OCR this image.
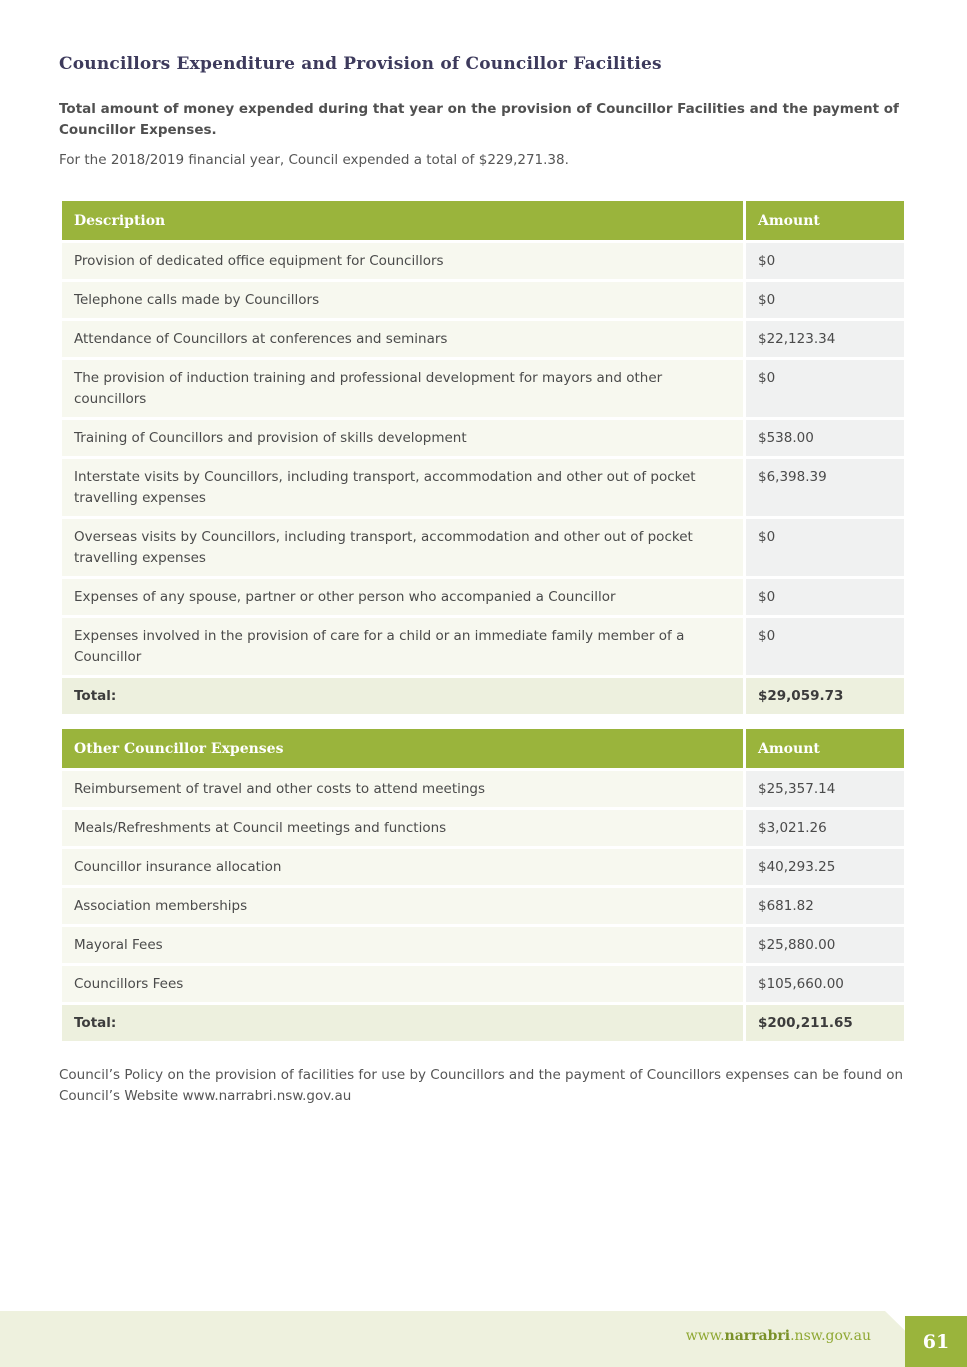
Councillors Expenditure and Provision of Councillor Facilities
Total amount of money expended during that year on the provision of Councillor Facilities and the payment of Councillor Expenses.
For the 2018/2019 financial year, Council expended a total of $229,271.38.
Description	Amount
Provision of dedicated office equipment for Councillors	$0
Telephone calls made by Councillors	$0
Attendance of Councillors at conferences and seminars	$22,123.34
The provision of induction training and professional development for mayors and other councillors	$0
Training of Councillors and provision of skills development	$538.00
Interstate visits by Councillors, including transport, accommodation and other out of pocket travelling expenses	$6,398.39
Overseas visits by Councillors, including transport, accommodation and other out of pocket travelling expenses	$0
Expenses of any spouse, partner or other person who accompanied a Councillor	$0
Expenses involved in the provision of care for a child or an immediate family member of a Councillor	$0
Total:	$29,059.73
Other Councillor Expenses	Amount
Reimbursement of travel and other costs to attend meetings	$25,357.14
Meals/Refreshments at Council meetings and functions	$3,021.26
Councillor insurance allocation	$40,293.25
Association memberships	$681.82
Mayoral Fees	$25,880.00
Councillors Fees	$105,660.00
Total:	$200,211.65
Council’s Policy on the provision of facilities for use by Councillors and the payment of Councillors expenses can be found on Council’s Website www.narrabri.nsw.gov.au
www.narrabri.nsw.gov.au	61
